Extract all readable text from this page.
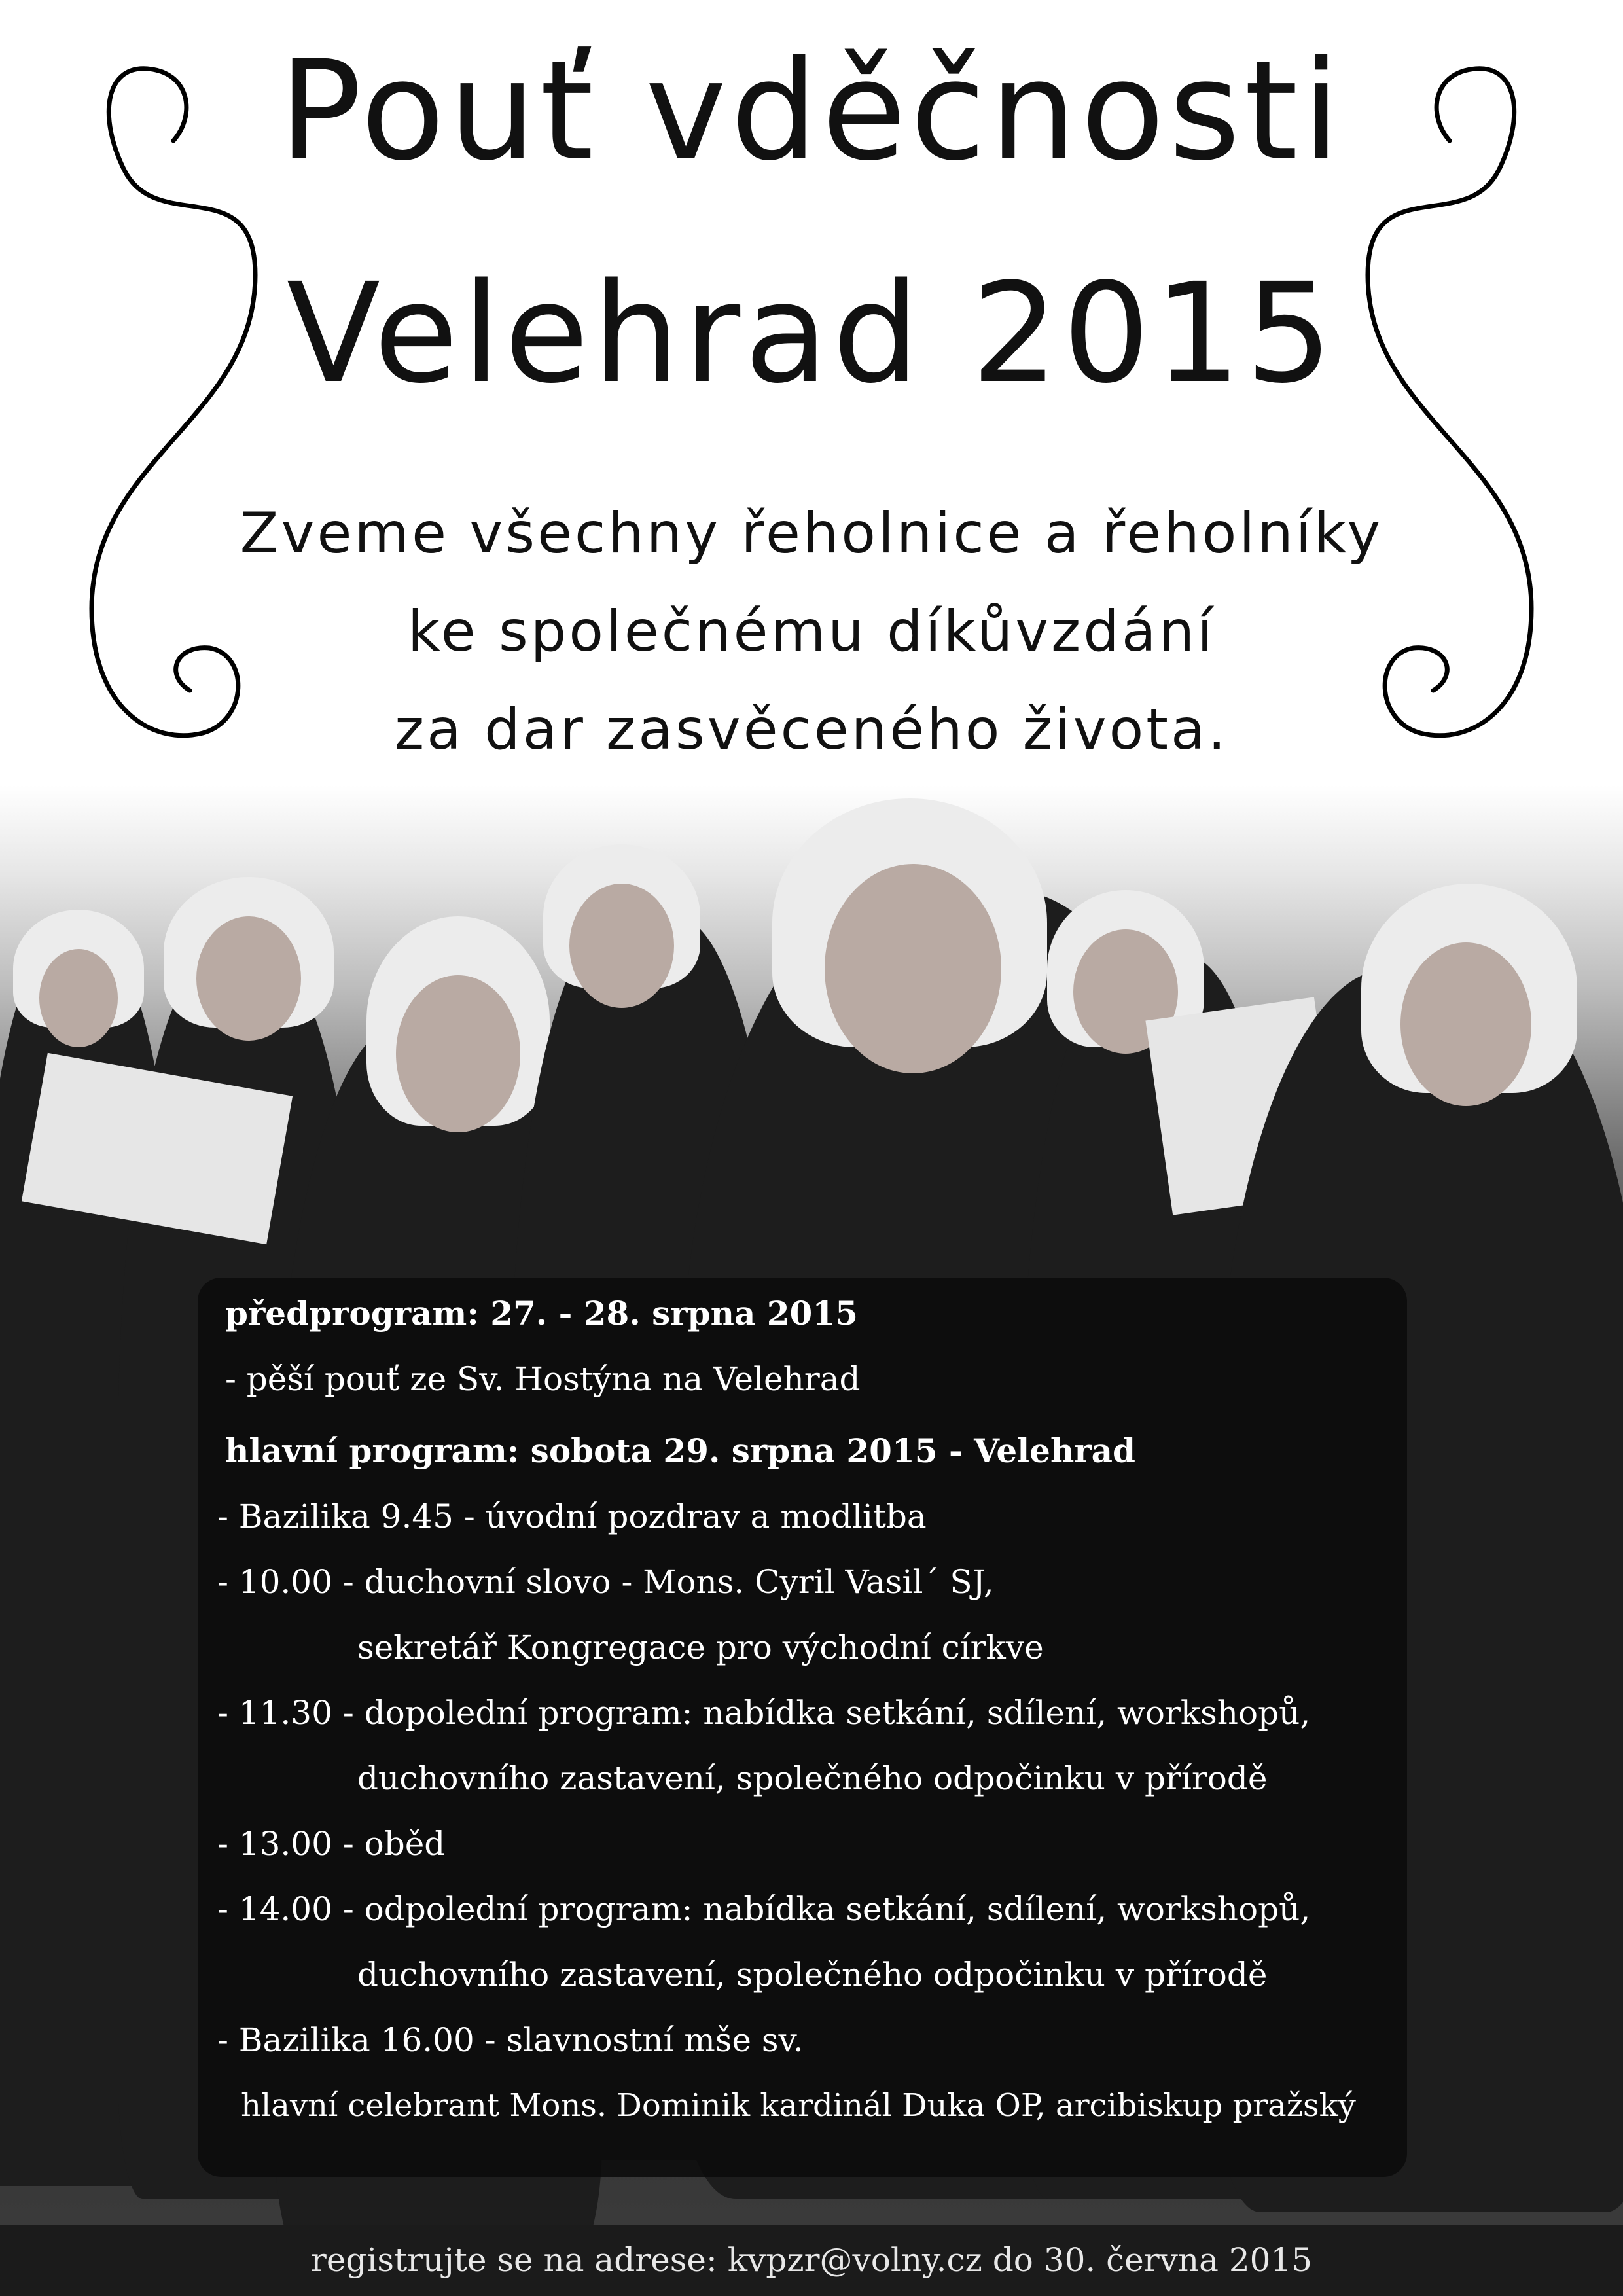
Pouť vděčnosti
Velehrad 2015
Zveme všechny řeholnice a řeholníky
ke společnému díkůvzdání
za dar zasvěceného života.
předprogram: 27. - 28. srpna 2015
- pěší pouť ze Sv. Hostýna na Velehrad
hlavní program: sobota 29. srpna 2015 - Velehrad
- Bazilika 9.45 - úvodní pozdrav a modlitba
- 10.00 - duchovní slovo - Mons. Cyril Vasil´ SJ,
sekretář Kongregace pro východní církve
- 11.30 - dopolední program: nabídka setkání, sdílení, workshopů,
duchovního zastavení, společného odpočinku v přírodě
- 13.00 - oběd
- 14.00 - odpolední program: nabídka setkání, sdílení, workshopů,
duchovního zastavení, společného odpočinku v přírodě
- Bazilika 16.00 - slavnostní mše sv.
hlavní celebrant Mons. Dominik kardinál Duka OP, arcibiskup pražský
registrujte se na adrese: kvpzr@volny.cz do 30. června 2015
